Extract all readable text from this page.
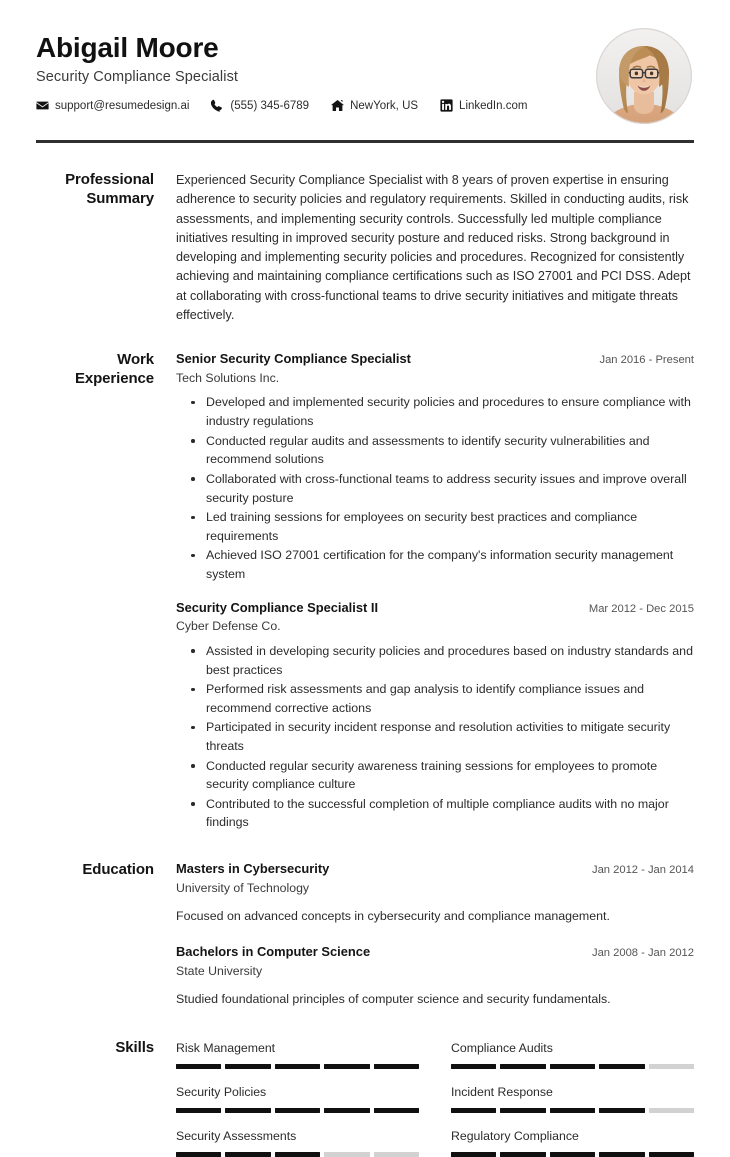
Abigail Moore
Security Compliance Specialist
support@resumedesign.ai	(555) 345-6789	NewYork, US	LinkedIn.com
Professional Summary
Experienced Security Compliance Specialist with 8 years of proven expertise in ensuring adherence to security policies and regulatory requirements. Skilled in conducting audits, risk assessments, and implementing security controls. Successfully led multiple compliance initiatives resulting in improved security posture and reduced risks. Strong background in developing and implementing security policies and procedures. Recognized for consistently achieving and maintaining compliance certifications such as ISO 27001 and PCI DSS. Adept at collaborating with cross-functional teams to drive security initiatives and mitigate threats effectively.
Work Experience
Senior Security Compliance Specialist	Jan 2016 - Present
Tech Solutions Inc.
Developed and implemented security policies and procedures to ensure compliance with industry regulations
Conducted regular audits and assessments to identify security vulnerabilities and recommend solutions
Collaborated with cross-functional teams to address security issues and improve overall security posture
Led training sessions for employees on security best practices and compliance requirements
Achieved ISO 27001 certification for the company's information security management system
Security Compliance Specialist II	Mar 2012 - Dec 2015
Cyber Defense Co.
Assisted in developing security policies and procedures based on industry standards and best practices
Performed risk assessments and gap analysis to identify compliance issues and recommend corrective actions
Participated in security incident response and resolution activities to mitigate security threats
Conducted regular security awareness training sessions for employees to promote security compliance culture
Contributed to the successful completion of multiple compliance audits with no major findings
Education	Masters in Cybersecurity	Jan 2012 - Jan 2014
University of Technology
Focused on advanced concepts in cybersecurity and compliance management.
Bachelors in Computer Science	Jan 2008 - Jan 2012
State University
Studied foundational principles of computer science and security fundamentals.
Skills	Risk Management	Compliance Audits
Security Policies	Incident Response
Security Assessments	Regulatory Compliance
